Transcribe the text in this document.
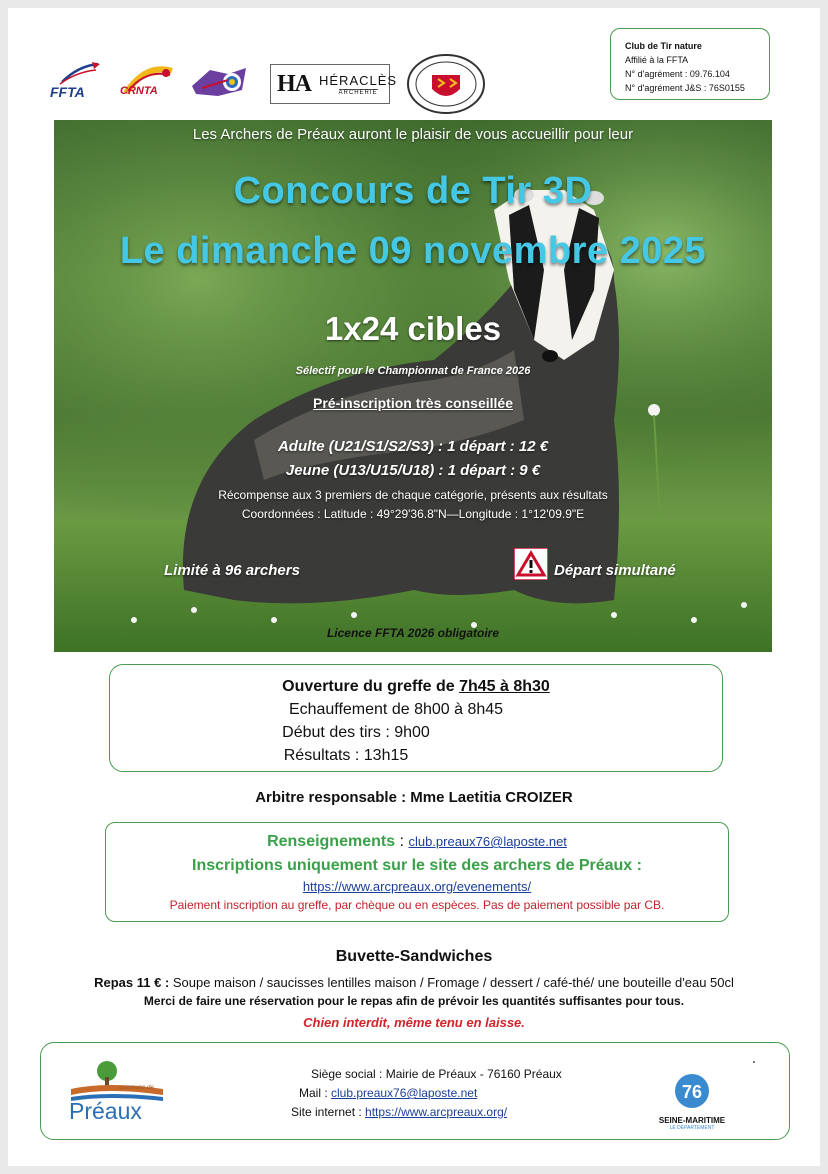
FFTA	CRNTA	HA HÉRACLÈS
ARCHERIE
Club de Tir nature
Affilié à la FFTA
N° d'agrément : 09.76.104
N° d'agrément J&S : 76S0155
Les Archers de Préaux auront le plaisir de vous accueillir pour leur
Concours de Tir 3D
Le dimanche 09 novembre 2025
1x24 cibles
Sélectif pour le Championnat de France 2026
Pré-inscription très conseillée
Adulte (U21/S1/S2/S3) : 1 départ : 12 €
Jeune (U13/U15/U18) : 1 départ : 9 €
Récompense aux 3 premiers de chaque catégorie, présents aux résultats
Coordonnées : Latitude : 49°29'36.8"N—Longitude : 1°12'09.9"E
Limité à 96 archers	Départ simultané
Licence FFTA 2026 obligatoire
Ouverture du greffe de 7h45 à 8h30
Echauffement de 8h00 à 8h45
Début des tirs : 9h00
Résultats : 13h15
Arbitre responsable : Mme Laetitia CROIZER
Renseignements : club.preaux76@laposte.net
Inscriptions uniquement sur le site des archers de Préaux :
https://www.arcpreaux.org/evenements/
Paiement inscription au greffe, par chèque ou en espèces. Pas de paiement possible par CB.
Buvette-Sandwiches
Repas 11 € : Soupe maison / saucisses lentilles maison / Fromage / dessert / café-thé/ une bouteille d'eau 50cl
Merci de faire une réservation pour le repas afin de prévoir les quantités suffisantes pour tous.
Chien interdit, même tenu en laisse.
commune de
Préaux
Siège social : Mairie de Préaux - 76160 Préaux
Mail : club.preaux76@laposte.net
Site internet : https://www.arcpreaux.org/
76
SEINE-MARITIME
LE DÉPARTEMENT
